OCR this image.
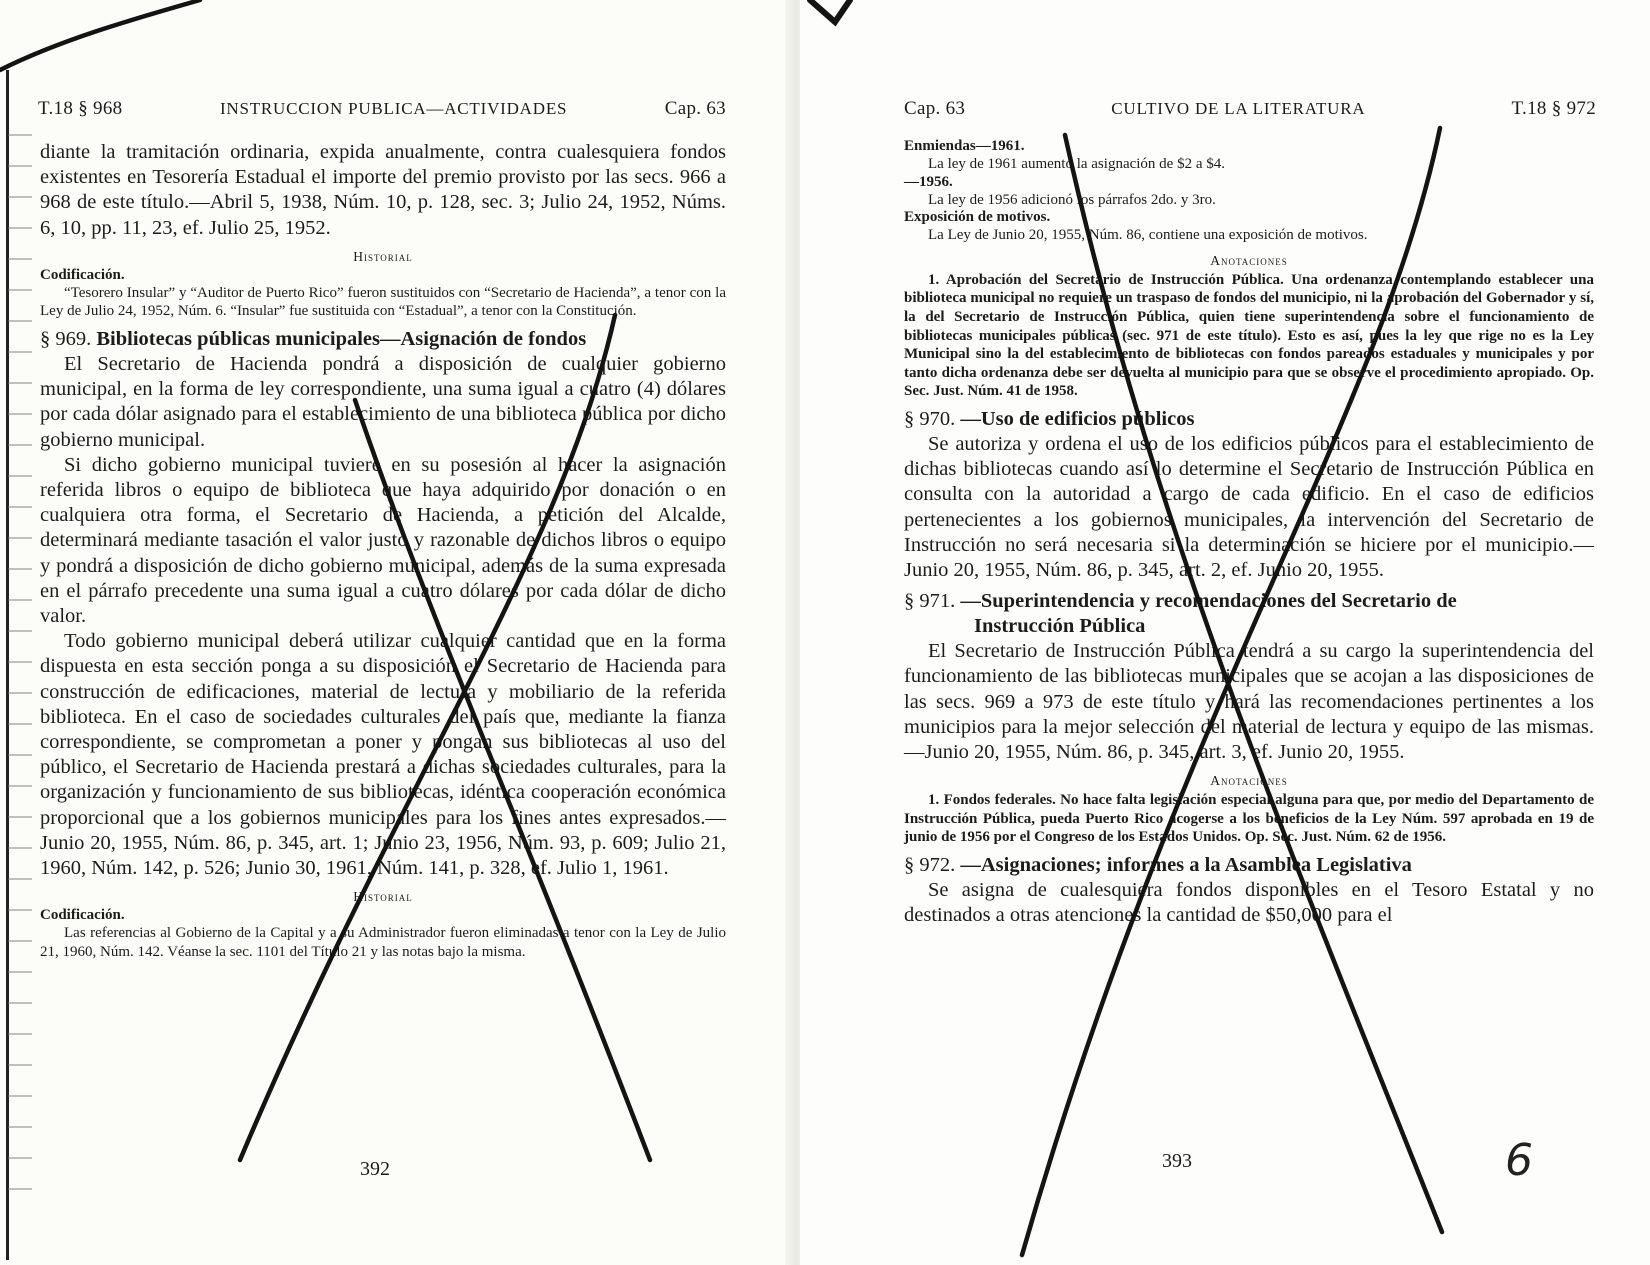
T.18 § 968	INSTRUCCION PUBLICA—ACTIVIDADES	Cap. 63

diante la tramitación ordinaria, expida anualmente, contra cualesquiera fondos existentes en Tesorería Estadual el importe del premio provisto por las secs. 966 a 968 de este título.—Abril 5, 1938, Núm. 10, p. 128, sec. 3; Julio 24, 1952, Núms. 6, 10, pp. 11, 23, ef. Julio 25, 1952.

Historial
Codificación.

“Tesorero Insular” y “Auditor de Puerto Rico” fueron sustituidos con “Secretario de Hacienda”, a tenor con la Ley de Julio 24, 1952, Núm. 6. “Insular” fue sustituida con “Estadual”, a tenor con la Constitución.

§ 969. Bibliotecas públicas municipales—Asignación de fondos

El Secretario de Hacienda pondrá a disposición de cualquier gobierno municipal, en la forma de ley correspondiente, una suma igual a cuatro (4) dólares por cada dólar asignado para el establecimiento de una biblioteca pública por dicho gobierno municipal.

Si dicho gobierno municipal tuviere en su posesión al hacer la asignación referida libros o equipo de biblioteca que haya adquirido por donación o en cualquiera otra forma, el Secretario de Hacienda, a petición del Alcalde, determinará mediante tasación el valor justo y razonable de dichos libros o equipo y pondrá a disposición de dicho gobierno municipal, además de la suma expresada en el párrafo precedente una suma igual a cuatro dólares por cada dólar de dicho valor.

Todo gobierno municipal deberá utilizar cualquier cantidad que en la forma dispuesta en esta sección ponga a su disposición el Secretario de Hacienda para construcción de edificaciones, material de lectura y mobiliario de la referida biblioteca. En el caso de sociedades culturales del país que, mediante la fianza correspondiente, se comprometan a poner y pongan sus bibliotecas al uso del público, el Secretario de Hacienda prestará a dichas sociedades culturales, para la organización y funcionamiento de sus bibliotecas, idéntica cooperación económica proporcional que a los gobiernos municipales para los fines antes expresados.—Junio 20, 1955, Núm. 86, p. 345, art. 1; Junio 23, 1956, Núm. 93, p. 609; Julio 21, 1960, Núm. 142, p. 526; Junio 30, 1961, Núm. 141, p. 328, ef. Julio 1, 1961.

Historial
Codificación.

Las referencias al Gobierno de la Capital y a su Administrador fueron eliminadas a tenor con la Ley de Julio 21, 1960, Núm. 142. Véanse la sec. 1101 del Título 21 y las notas bajo la misma.

392
Cap. 63	CULTIVO DE LA LITERATURA	T.18 § 972
Enmiendas—1961.

La ley de 1961 aumentó la asignación de $2 a $4.

—1956.

La ley de 1956 adicionó los párrafos 2do. y 3ro.

Exposición de motivos.

La Ley de Junio 20, 1955, Núm. 86, contiene una exposición de motivos.

Anotaciones

1. Aprobación del Secretario de Instrucción Pública. Una ordenanza contemplando establecer una biblioteca municipal no requiere un traspaso de fondos del municipio, ni la aprobación del Gobernador y sí, la del Secretario de Instrucción Pública, quien tiene superintendencia sobre el funcionamiento de bibliotecas municipales públicas (sec. 971 de este título). Esto es así, pues la ley que rige no es la Ley Municipal sino la del establecimiento de bibliotecas con fondos pareados estaduales y municipales y por tanto dicha ordenanza debe ser devuelta al municipio para que se observe el procedimiento apropiado. Op. Sec. Just. Núm. 41 de 1958.

§ 970. —Uso de edificios públicos

Se autoriza y ordena el uso de los edificios públicos para el establecimiento de dichas bibliotecas cuando así lo determine el Secretario de Instrucción Pública en consulta con la autoridad a cargo de cada edificio. En el caso de edificios pertenecientes a los gobiernos municipales, la intervención del Secretario de Instrucción no será necesaria si la determinación se hiciere por el municipio.—Junio 20, 1955, Núm. 86, p. 345, art. 2, ef. Junio 20, 1955.

§ 971. —Superintendencia y recomendaciones del Secretario de
Instrucción Pública

El Secretario de Instrucción Pública tendrá a su cargo la superintendencia del funcionamiento de las bibliotecas municipales que se acojan a las disposiciones de las secs. 969 a 973 de este título y hará las recomendaciones pertinentes a los municipios para la mejor selección del material de lectura y equipo de las mismas.—Junio 20, 1955, Núm. 86, p. 345, art. 3, ef. Junio 20, 1955.

Anotaciones

1. Fondos federales. No hace falta legislación especial alguna para que, por medio del Departamento de Instrucción Pública, pueda Puerto Rico acogerse a los beneficios de la Ley Núm. 597 aprobada en 19 de junio de 1956 por el Congreso de los Estados Unidos. Op. Sec. Just. Núm. 62 de 1956.

§ 972. —Asignaciones; informes a la Asamblea Legislativa

Se asigna de cualesquiera fondos disponibles en el Tesoro Estatal y no destinados a otras atenciones la cantidad de $50,000 para el

393	6
